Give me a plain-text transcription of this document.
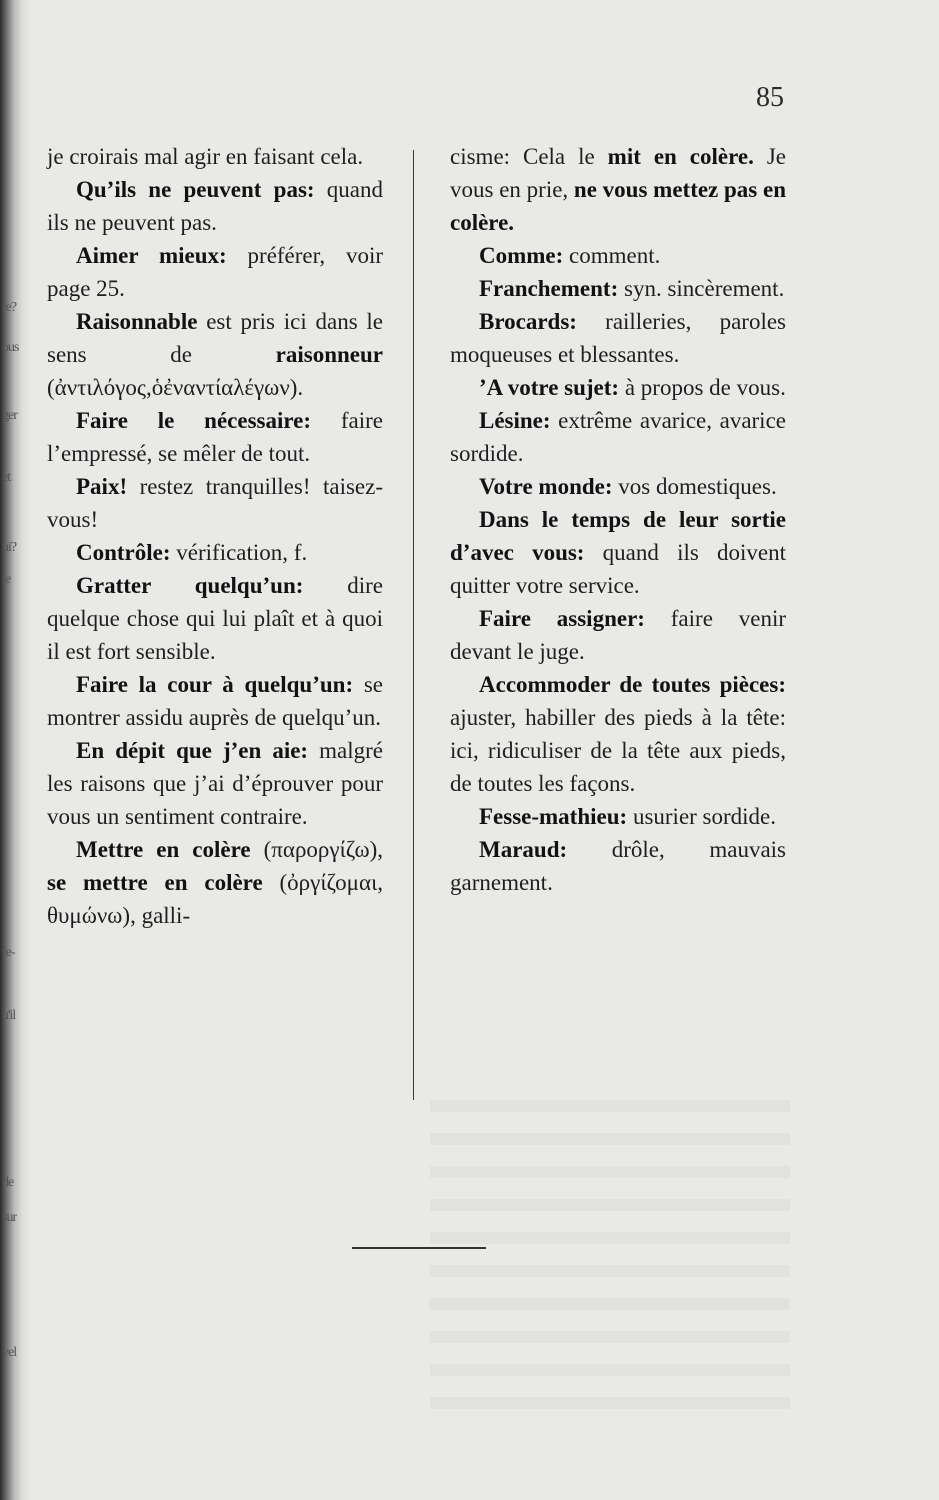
re?
ous
ger
et
ui?
le
fe-
u'il
de
sur
vel
85

je croirais mal agir en faisant cela.

Qu’ils ne peuvent pas: quand ils ne peuvent pas.

Aimer mieux: préférer, voir page 25.

Raisonnable est pris ici dans le sens de raisonneur (ἀντιλόγος,ὁἐναντίαλέγων).

Faire le nécessaire: faire l’empressé, se mêler de tout.

Paix! restez tranquilles! taisez-vous!

Contrôle: vérification, f.

Gratter quelqu’un: dire quelque chose qui lui plaît et à quoi il est fort sensible.

Faire la cour à quelqu’un: se montrer assidu auprès de quelqu’un.

En dépit que j’en aie: malgré les raisons que j’ai d’éprouver pour vous un sentiment contraire.

Mettre en colère (παροργίζω), se mettre en colère (ὀργίζομαι, θυμώνω), galli-

cisme: Cela le mit en colère. Je vous en prie, ne vous mettez pas en colère.

Comme: comment.

Franchement: syn. sincèrement.

Brocards: railleries, paroles moqueuses et blessantes.

’A votre sujet: à propos de vous.

Lésine: extrême avarice, avarice sordide.

Votre monde: vos domestiques.

Dans le temps de leur sortie d’avec vous: quand ils doivent quitter votre service.

Faire assigner: faire venir devant le juge.

Accommoder de toutes pièces: ajuster, habiller des pieds à la tête: ici, ridiculiser de la tête aux pieds, de toutes les façons.

Fesse-mathieu: usurier sordide.

Maraud: drôle, mauvais garnement.
